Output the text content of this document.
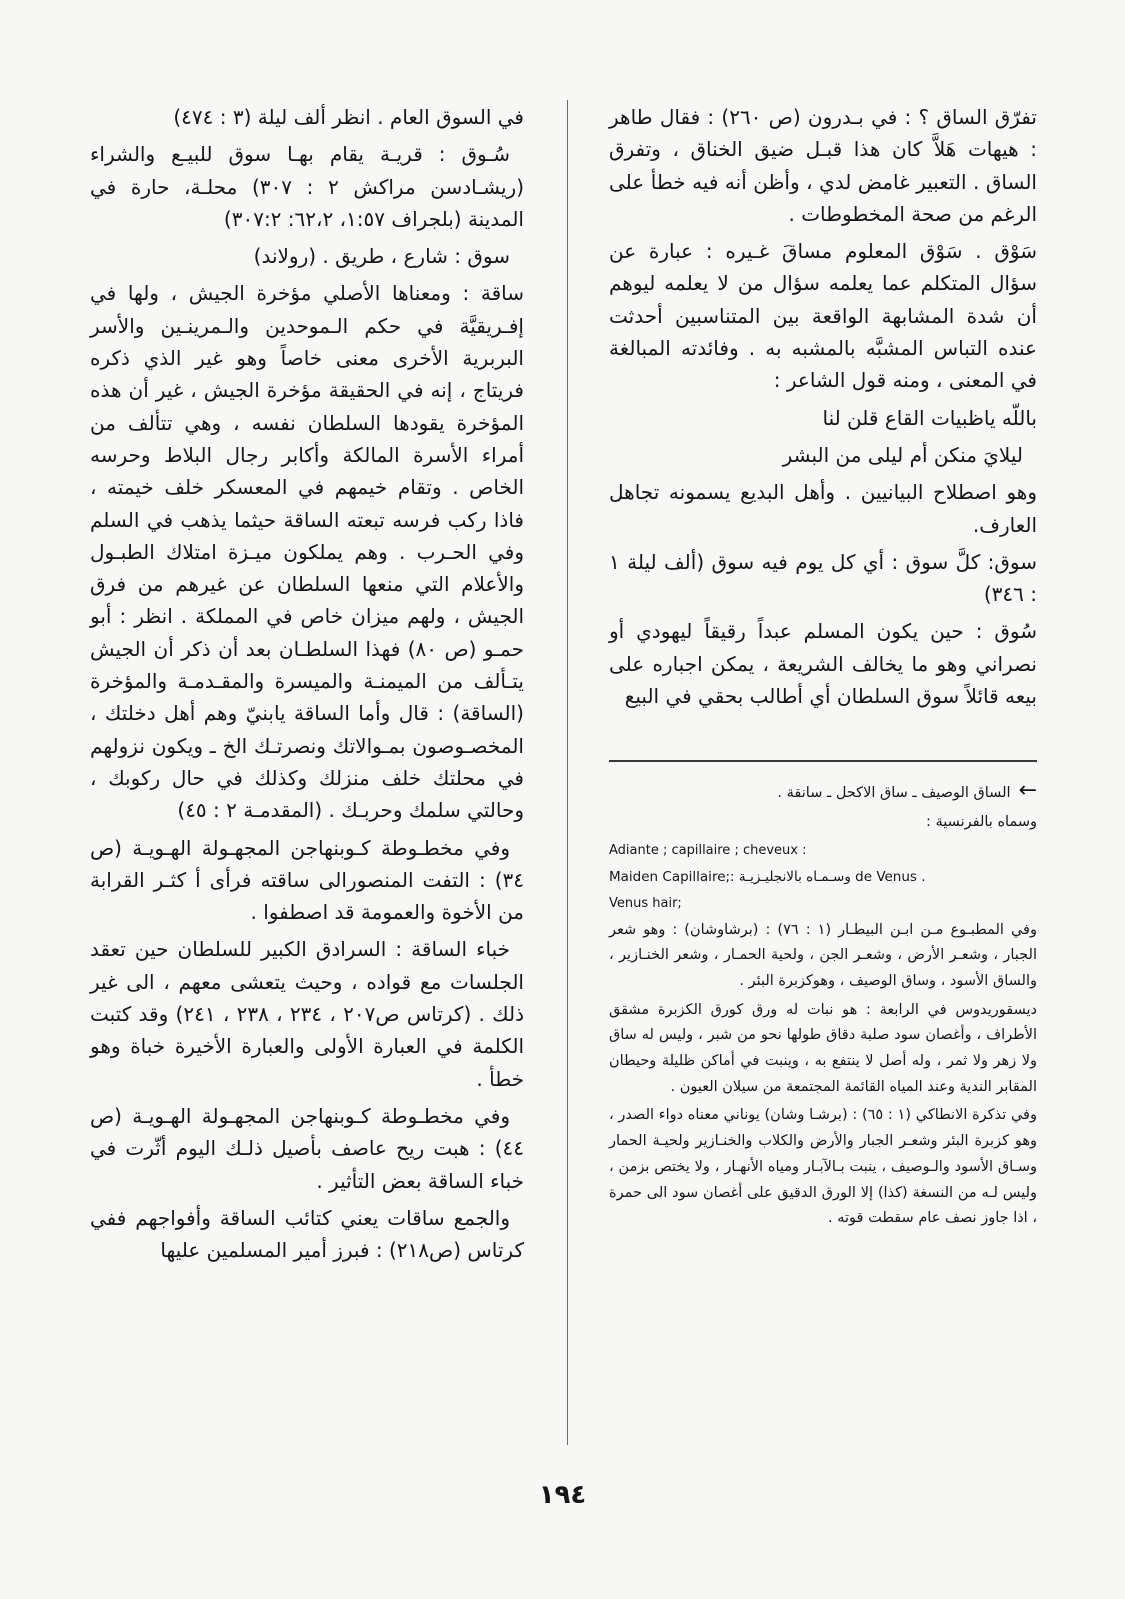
تفرّق الساق ؟ : في بـدرون (ص ٢٦٠) : فقال طاهر : هيهات هَلاَّ كان هذا قبـل ضيق الخناق ، وتفرق الساق . التعبير غامض لدي ، وأظن أنه فيه خطأ على الرغم من صحة المخطوطات .

سَوْق . سَوْق المعلوم مساقَ غـيره : عبارة عن سؤال المتكلم عما يعلمه سؤال من لا يعلمه ليوهم أن شدة المشابهة الواقعة بين المتناسبين أحدثت عنده التباس المشبَّه بالمشبه به . وفائدته المبالغة في المعنى ، ومنه قول الشاعر :

باللّه ياظبيات القاع قلن لنا

ليلايَ منكن أم ليلى من البشر

وهو اصطلاح البيانيين . وأهل البديع يسمونه تجاهل العارف.

سوق: كلَّ سوق : أي كل يوم فيه سوق (ألف ليلة ١ : ٣٤٦)

سُوق : حين يكون المسلم عبداً رقيقاً ليهودي أو نصراني وهو ما يخالف الشريعة ، يمكن اجباره على بيعه قائلاً سوق السلطان أي أطالب بحقي في البيع

←الساق الوصيف ـ ساق الاكحل ـ سانقة .

وسماه بالفرنسية :

Adiante ; capillaire ; cheveux :

Maiden Capillaire;: وسـمـاه بالانجليـزيـة de Venus .

Venus hair;

وفي المطبـوع مـن ابـن البيطـار (١ : ٧٦) : (برشاوشان) : وهو شعر الجبار ، وشعـر الأرض ، وشعـر الجن ، ولحية الحمـار ، وشعر الخنـازير ، والساق الأسود ، وساق الوصيف ، وهوكزبرة البئر .

ديسقوريدوس في الرابعة : هو نبات له ورق كورق الكزبرة مشقق الأطراف ، وأغصان سود صلبة دقاق طولها نحو من شبر ، وليس له ساق ولا زهر ولا ثمر ، وله أصل لا ينتفع به ، وينبت في أماكن ظليلة وحيطان المقابر الندية وعند المياه القائمة المجتمعة من سيلان العيون .

وفي تذكرة الانطاكي (١ : ٦٥) : (برشـا وشان) يوناني معناه دواء الصدر ، وهو كزبرة البئر وشعـر الجبار والأرض والكلاب والخنـازير ولحيـة الحمار وسـاق الأسود والـوصيف ، ينبت بـالآبـار ومياه الأنهـار ، ولا يختص بزمن ، وليس لـه من النسغة (كذا) إلا الورق الدقيق على أغصان سود الى حمرة ، اذا جاوز نصف عام سقطت قوته .

في السوق العام . انظر ألف ليلة (٣ : ٤٧٤)

سُـوق : قريـة يقام بهـا سوق للبيـع والشراء (ريشـادسن مراكش ٢ : ٣٠٧) محلـة، حارة في المدينة (بلجراف ١:٥٧، ٦٢،٢: ٣٠٧:٢)

سوق : شارع ، طريق . (رولاند)

ساقة : ومعناها الأصلي مؤخرة الجيش ، ولها في إفـريقيَّة في حكم الـموحدين والـمرينـين والأسر البربرية الأخرى معنى خاصاً وهو غير الذي ذكره فريتاج ، إنه في الحقيقة مؤخرة الجيش ، غير أن هذه المؤخرة يقودها السلطان نفسه ، وهي تتألف من أمراء الأسرة المالكة وأكابر رجال البلاط وحرسه الخاص . وتقام خيمهم في المعسكر خلف خيمته ، فاذا ركب فرسه تبعته الساقة حيثما يذهب في السلم وفي الحـرب . وهم يملكون ميـزة امتلاك الطبـول والأعلام التي منعها السلطان عن غيرهم من فرق الجيش ، ولهم ميزان خاص في المملكة . انظر : أبو حمـو (ص ٨٠) فهذا السلطـان بعد أن ذكر أن الجيش يتـألف من الميمنـة والميسرة والمقـدمـة والمؤخرة (الساقة) : قال وأما الساقة يابنيّ وهم أهل دخلتك ، المخصـوصون بمـوالاتك ونصرتـك الخ ـ ويكون نزولهم في محلتك خلف منزلك وكذلك في حال ركوبك ، وحالتي سلمك وحربـك . (المقدمـة ٢ : ٤٥)

وفي مخطـوطة كـوبنهاجن المجهـولة الهـويـة (ص ٣٤) : التفت المنصورالى ساقته فرأى أ كثـر القرابة من الأخوة والعمومة قد اصطفوا .

خباء الساقة : السرادق الكبير للسلطان حين تعقد الجلسات مع قواده ، وحيث يتعشى معهم ، الى غير ذلك . (كرتاس ص٢٠٧ ، ٢٣٤ ، ٢٣٨ ، ٢٤١) وقد كتبت الكلمة في العبارة الأولى والعبارة الأخيرة خباة وهو خطأ .

وفي مخطـوطة كـوبنهاجن المجهـولة الهـويـة (ص ٤٤) : هبت ريح عاصف بأصيل ذلـك اليوم أثّرت في خباء الساقة بعض التأثير .

والجمع ساقات يعني كتائب الساقة وأفواجهم ففي كرتاس (ص٢١٨) : فبرز أمير المسلمين عليها

١٩٤
